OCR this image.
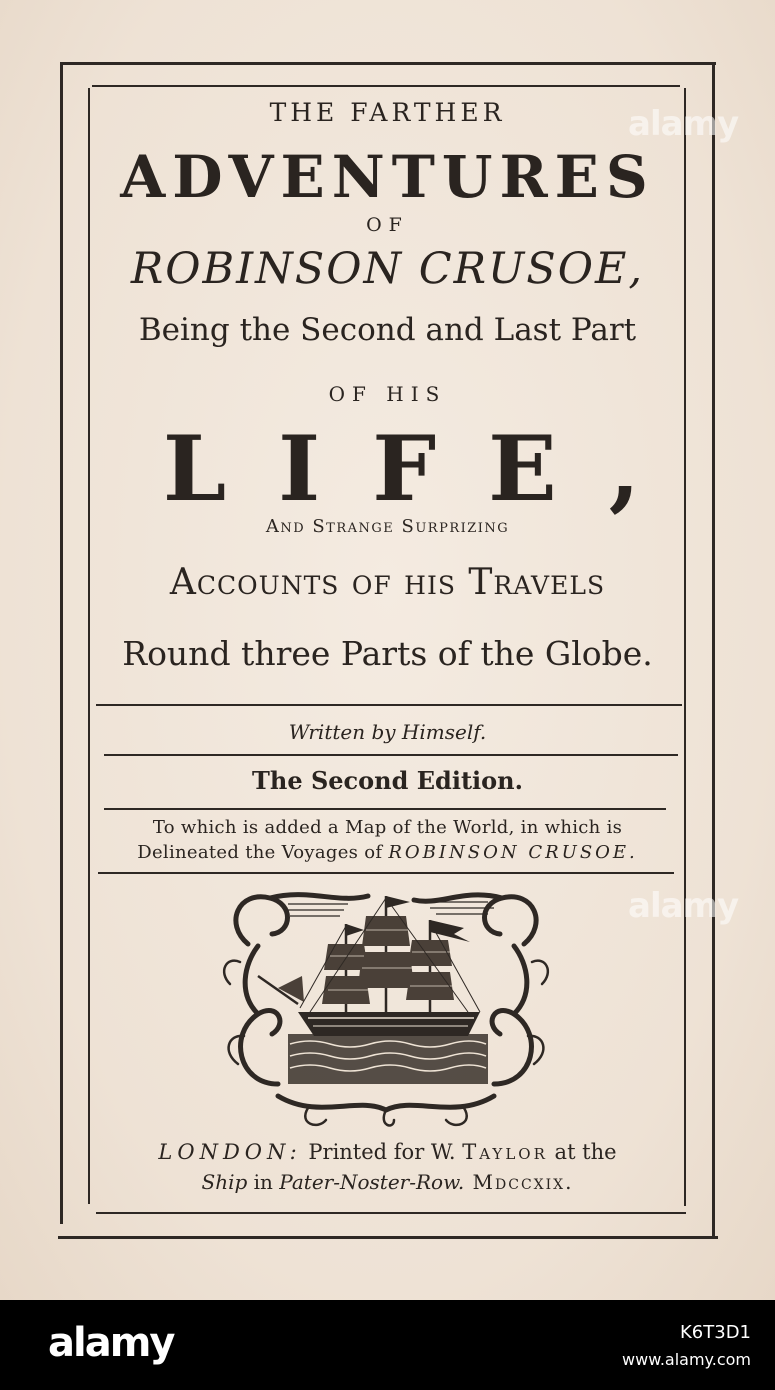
THE FARTHER

ADVENTURES

OF

ROBINSON CRUSOE,

Being the Second and Last Part

OF HIS

LIFE,

And Strange Surprizing

Accounts of his Travels

Round three Parts of the Globe.

Written by Himself.

The Second Edition.

To which is added a Map of the World, in which is

Delineated the Voyages of ROBINSON CRUSOE.

LONDON: Printed for W. Taylor at the

Ship in Pater-Noster-Row. Mdccxix.

alamy
alamy
alamy	K6T3D1
www.alamy.com
